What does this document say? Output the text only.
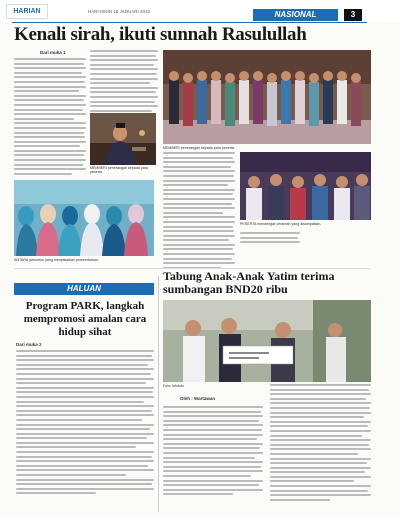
HARIAN	HARI ISNIN 18 JANUARI 2010	NASIONAL	3
Kenali sirah, ikuti sunnah Rasulullah
Dari muka 1
MEMBERI penerangan kepada para peserta.
MEMBERI penerangan kepada para peserta.
ANTARA penonton yang menyaksikan persembahan.
PESERTA mendengar ceramah yang disampaikan.
HALUAN
Program PARK, langkah mempromosi amalan cara hidup sihat
Dari muka 2
Tabung Anak-Anak Yatim terima sumbangan BND20 ribu
Foto: Infofoto
Oleh : Wartawan
